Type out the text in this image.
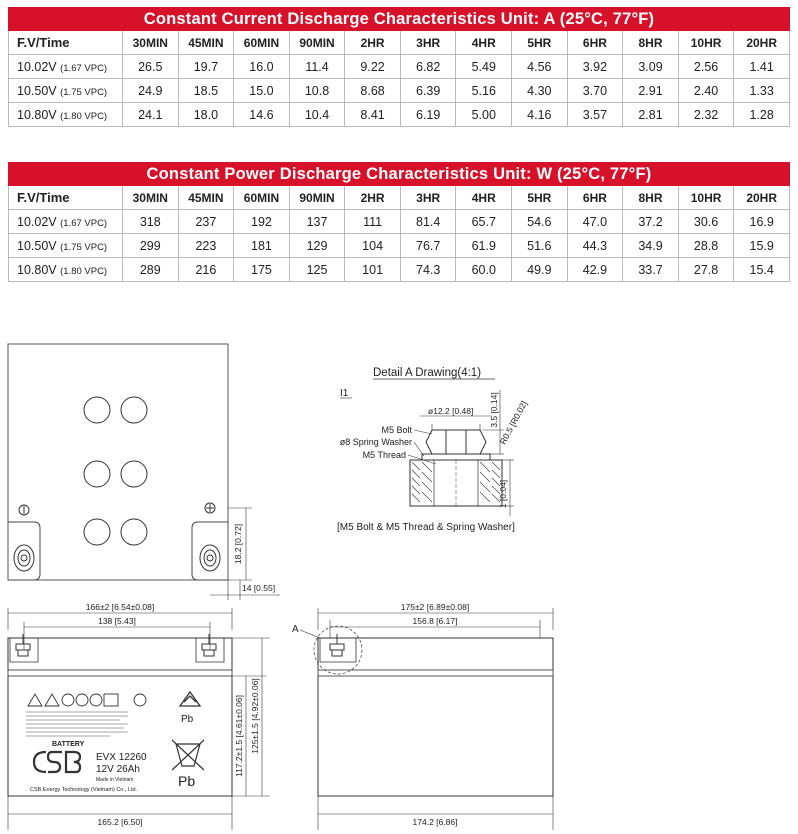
Constant Current Discharge Characteristics Unit: A (25°C, 77°F)												
F.V/Time	30MIN	45MIN	60MIN	90MIN	2HR	3HR	4HR	5HR	6HR	8HR	10HR	20HR
10.02V (1.67 VPC)	26.5	19.7	16.0	11.4	9.22	6.82	5.49	4.56	3.92	3.09	2.56	1.41
10.50V (1.75 VPC)	24.9	18.5	15.0	10.8	8.68	6.39	5.16	4.30	3.70	2.91	2.40	1.33
10.80V (1.80 VPC)	24.1	18.0	14.6	10.4	8.41	6.19	5.00	4.16	3.57	2.81	2.32	1.28
Constant Power Discharge Characteristics Unit: W (25°C, 77°F)												
F.V/Time	30MIN	45MIN	60MIN	90MIN	2HR	3HR	4HR	5HR	6HR	8HR	10HR	20HR
10.02V (1.67 VPC)	318	237	192	137	111	81.4	65.7	54.6	47.0	37.2	30.6	16.9
10.50V (1.75 VPC)	299	223	181	129	104	76.7	61.9	51.6	44.3	34.9	28.8	15.9
10.80V (1.80 VPC)	289	216	175	125	101	74.3	60.0	49.9	42.9	33.7	27.8	15.4
18.2 [0.72]
14 [0.55]
Detail A Drawing(4:1)
I1
M5 Bolt
ø8 Spring Washer
M5 Thread
ø12.2 [0.48] 3.5 [0.14]
R0.5 [R0.02]
1 [0.04]
[M5 Bolt & M5 Thread & Spring Washer]
166±2 [6.54±0.08]
138 [5.43]
Pb
BATTERY
EVX 12260
12V 26Ah
Made in Vietnam
CSB Energy Technology (Vietnam) Co., Ltd.
Pb
117.2±1.5 [4.61±0.06] 125±1.5 [4.92±0.06]
165.2 [6.50]
175±2 [6.89±0.08]
156.8 [6.17]
A
174.2 [6.86]
